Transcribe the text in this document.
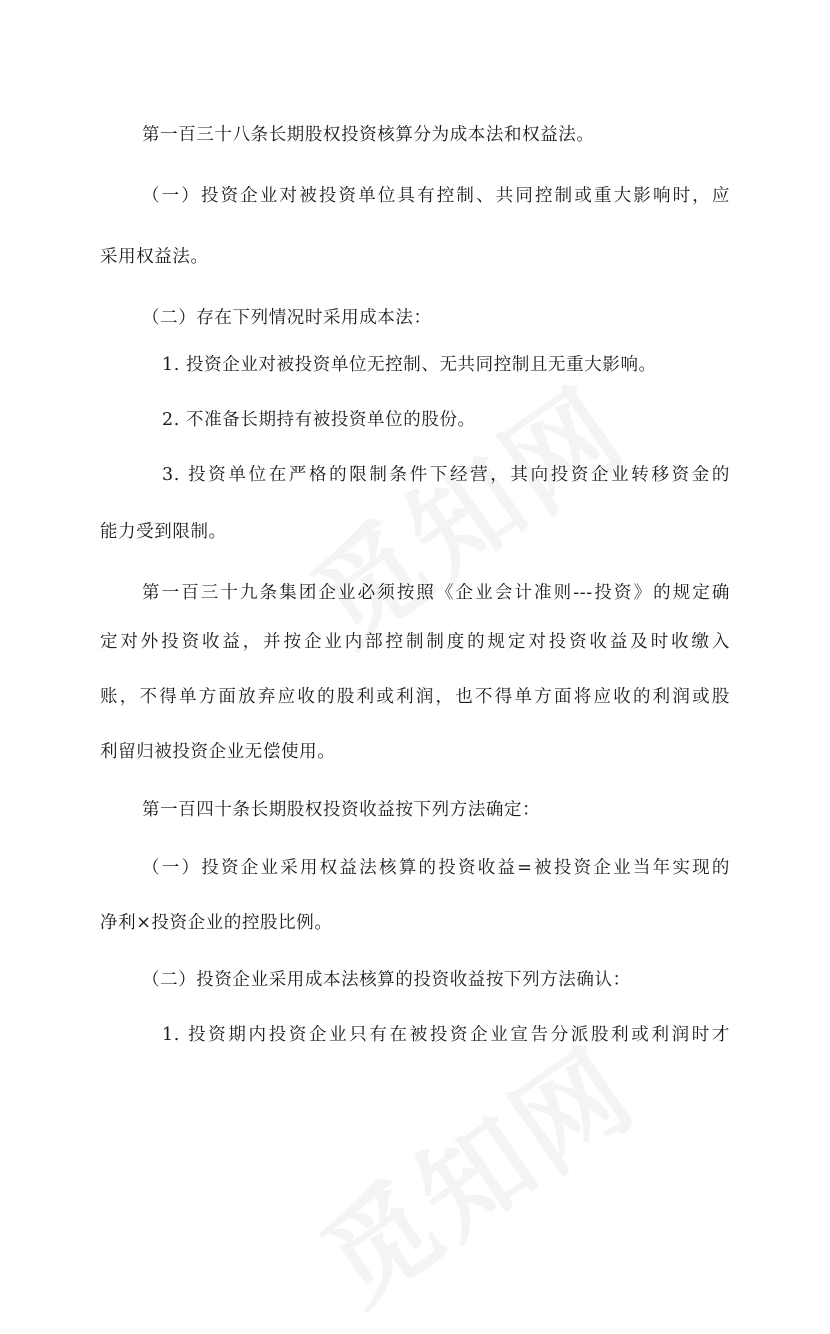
第一百三十八条长期股权投资核算分为成本法和权益法。
（一）投资企业对被投资单位具有控制、共同控制或重大影响时，应
采用权益法。
（二）存在下列情况时采用成本法：
1. 投资企业对被投资单位无控制、无共同控制且无重大影响。
2. 不准备长期持有被投资单位的股份。
3. 投资单位在严格的限制条件下经营，其向投资企业转移资金的
能力受到限制。
第一百三十九条集团企业必须按照《企业会计准则---投资》的规定确
定对外投资收益，并按企业内部控制制度的规定对投资收益及时收缴入
账，不得单方面放弃应收的股利或利润，也不得单方面将应收的利润或股
利留归被投资企业无偿使用。
第一百四十条长期股权投资收益按下列方法确定：
（一）投资企业采用权益法核算的投资收益=被投资企业当年实现的
净利×投资企业的控股比例。
（二）投资企业采用成本法核算的投资收益按下列方法确认：
1. 投资期内投资企业只有在被投资企业宣告分派股利或利润时才
